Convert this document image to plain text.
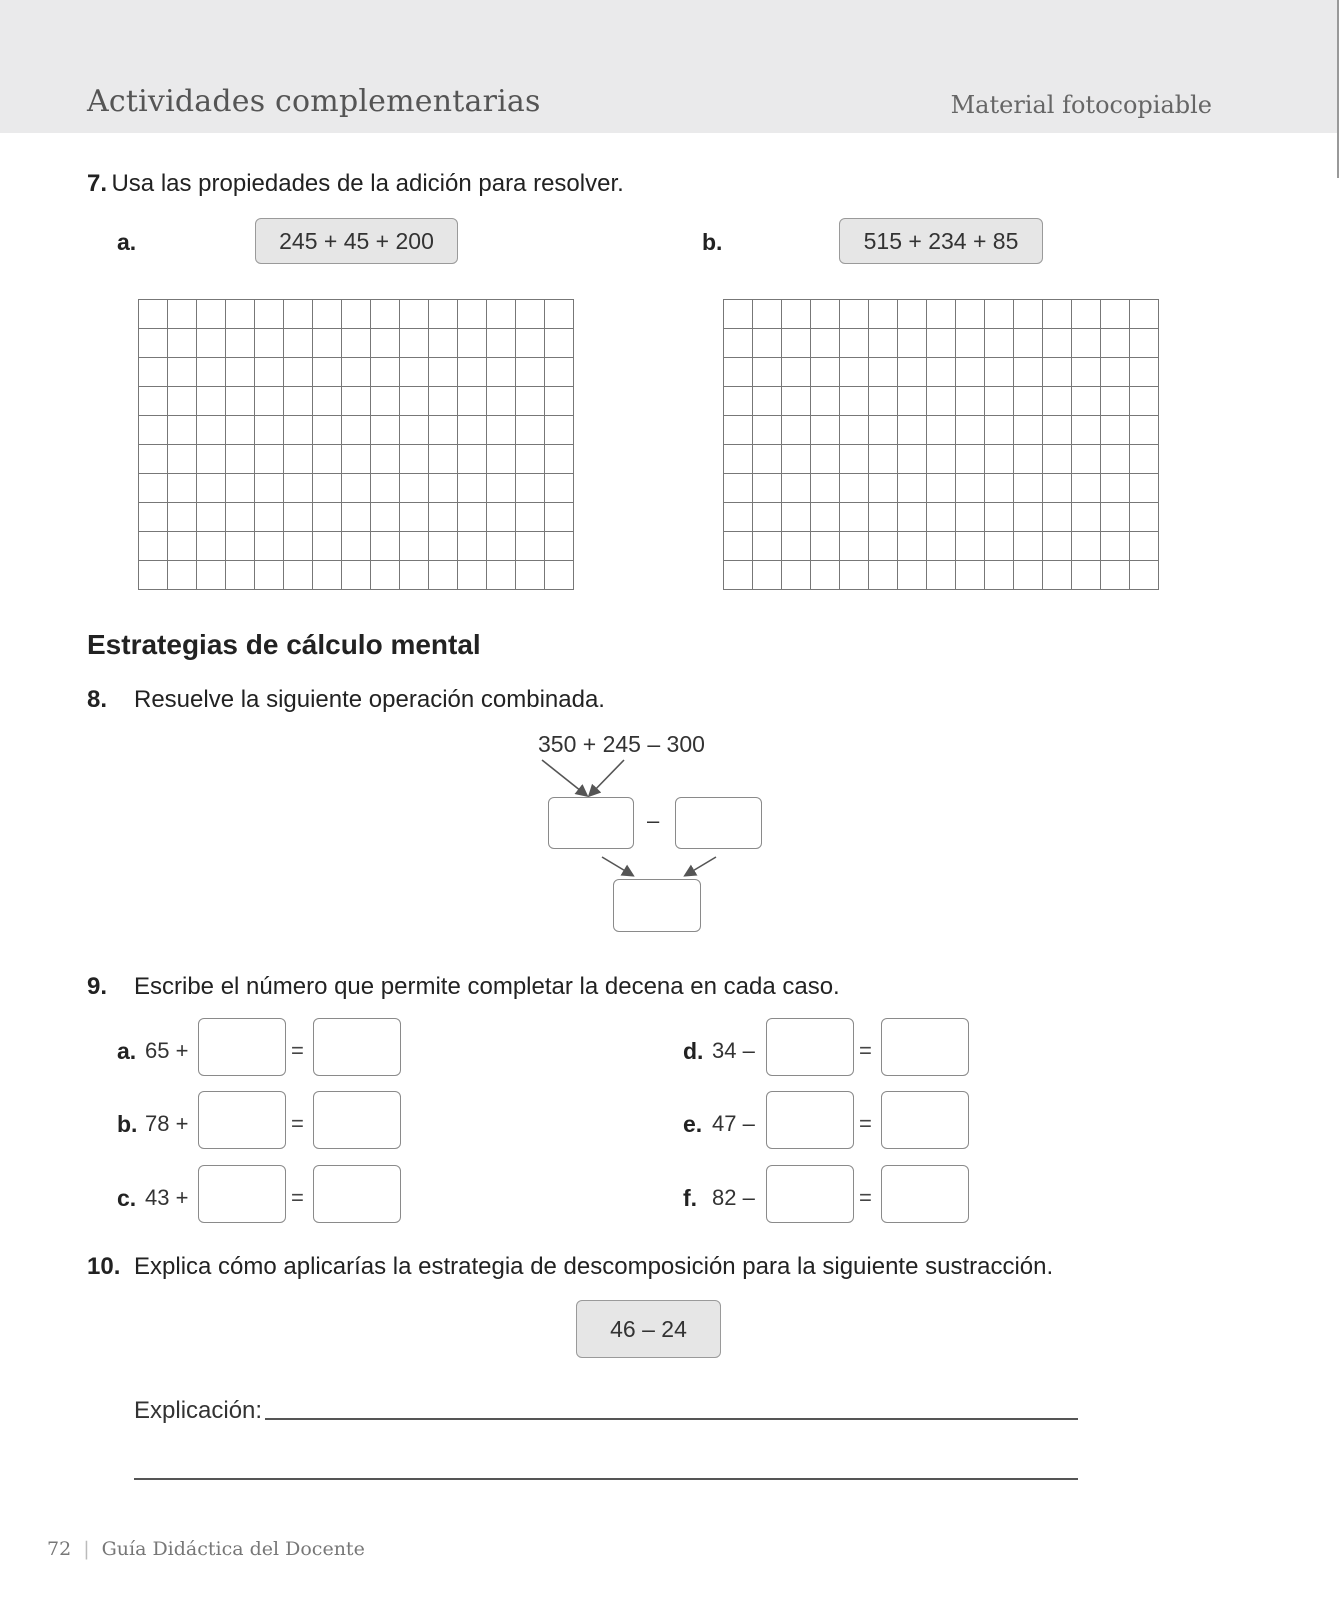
Actividades complementarias	Material fotocopiable
7. Usa las propiedades de la adición para resolver.
a.	245 + 45 + 200	b.	515 + 234 + 85

Estrategias de cálculo mental
8. Resuelve la siguiente operación combinada.
350 + 245 – 300
–
9. Escribe el número que permite completar la decena en cada caso.
a. 65 +	=
b. 78 +	=
c. 43 +	=
d. 34 –	=
e. 47 –	=
f. 82 –	=
10. Explica cómo aplicarías la estrategia de descomposición para la siguiente sustracción.
46 – 24
Explicación:
72 | Guía Didáctica del Docente
